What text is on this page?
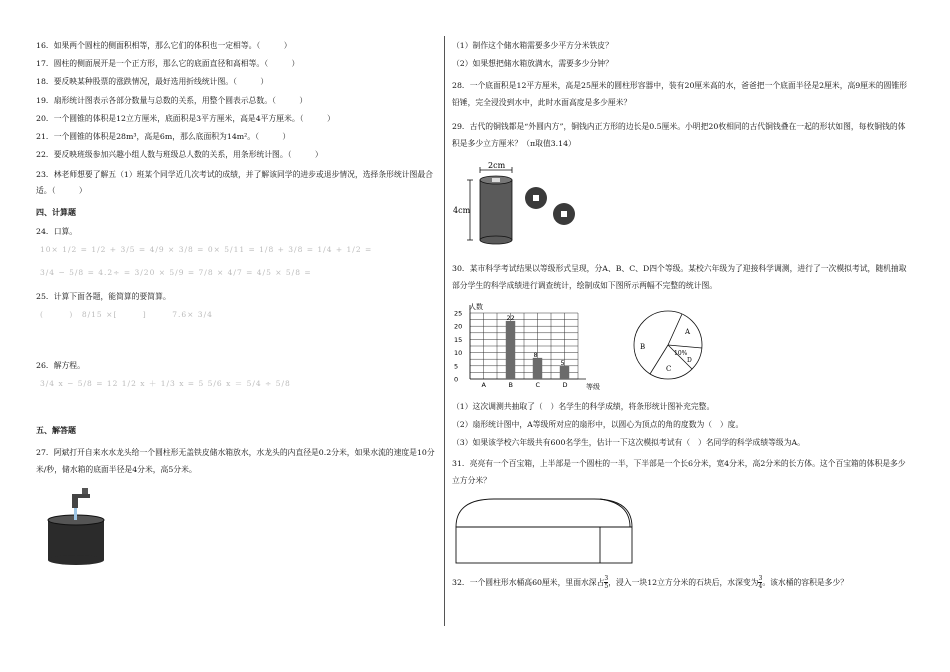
16．如果两个圆柱的侧面积相等，那么它们的体积也一定相等。（　　　）
17．圆柱的侧面展开是一个正方形，那么它的底面直径和高相等。（　　　）
18．要反映某种股票的涨跌情况，最好选用折线统计图。（　　　）
19．扇形统计图表示各部分数量与总数的关系，用整个圆表示总数。（　　　）
20．一个圆锥的体积是12立方厘米，底面积是3平方厘米，高是4平方厘米。（　　　）
21．一个圆锥的体积是28m³，高是6m，那么底面积为14m²。（　　　）
22．要反映班级参加兴趣小组人数与班级总人数的关系，用条形统计图。（　　　）
23．林老师想要了解五（1）班某个同学近几次考试的成绩，并了解该同学的进步或退步情况，选择条形统计图最合适。（　　　）
四、计算题
24．口算。
10× 1/2 = 1/2 + 3/5 = 4/9 × 3/8 = 0× 5/11 = 1/8 + 3/8 = 1/4 + 1/2 =
3/4 − 5/8 = 4.2÷ = 3/20 × 5/9 = 7/8 × 4/7 = 4/5 × 5/8 =
25．计算下面各题，能简算的要简算。
(　　　)　8/15 ×[　　　]　　　7.6× 3/4
26．解方程。
3/4 x − 5/8 = 12 1/2 x ＋ 1/3 x = 5 5/6 x ＝ 5/4 ÷ 5/8
五、解答题
27．阿斌打开自来水水龙头给一个圆柱形无盖铁皮储水箱放水，水龙头的内直径是0.2分米，如果水流的速度是10分米/秒，储水箱的底面半径是4分米，高5分米。
（1）制作这个储水箱需要多少平方分米铁皮？
（2）如果想把储水箱放满水，需要多少分钟？
28．一个底面积是12平方厘米，高是25厘米的圆柱形容器中，装有20厘米高的水，爸爸把一个底面半径是2厘米，高9厘米的圆锥形铅锤，完全浸没到水中，此时水面高度是多少厘米？
29．古代的铜钱都是“外圆内方”，铜钱内正方形的边长是0.5厘米。小明把20枚相同的古代铜钱叠在一起的形状如图，每枚铜钱的体积是多少立方厘米？（π取值3.14）
2cm
4cm
30．某市科学考试结果以等级形式呈现，分A、B、C、D四个等级。某校六年级为了迎接科学调测，进行了一次模拟考试，随机抽取部分学生的科学成绩进行调查统计，绘制成如下图所示两幅不完整的统计图。
22
8
5
0
5
10
15
20
25
A	B	C	D
人数
等级
A
B
C
10%
D
（1）这次调测共抽取了（　）名学生的科学成绩，将条形统计图补充完整。
（2）扇形统计图中，A等级所对应的扇形中，以圆心为顶点的角的度数为（　）度。
（3）如果该学校六年级共有600名学生，估计一下这次模拟考试有（　）名同学的科学成绩等级为A。
31．亮亮有一个百宝箱，上半部是一个圆柱的一半，下半部是一个长6分米，宽4分米，高2分米的长方体。这个百宝箱的体积是多少立方分米？
32．一个圆柱形水桶高60厘米，里面水深占 $\frac{3}{5}$ ，浸入一块12立方分米的石块后，水深变为 $\frac{3}{4}$ 。该水桶的容积是多少？
